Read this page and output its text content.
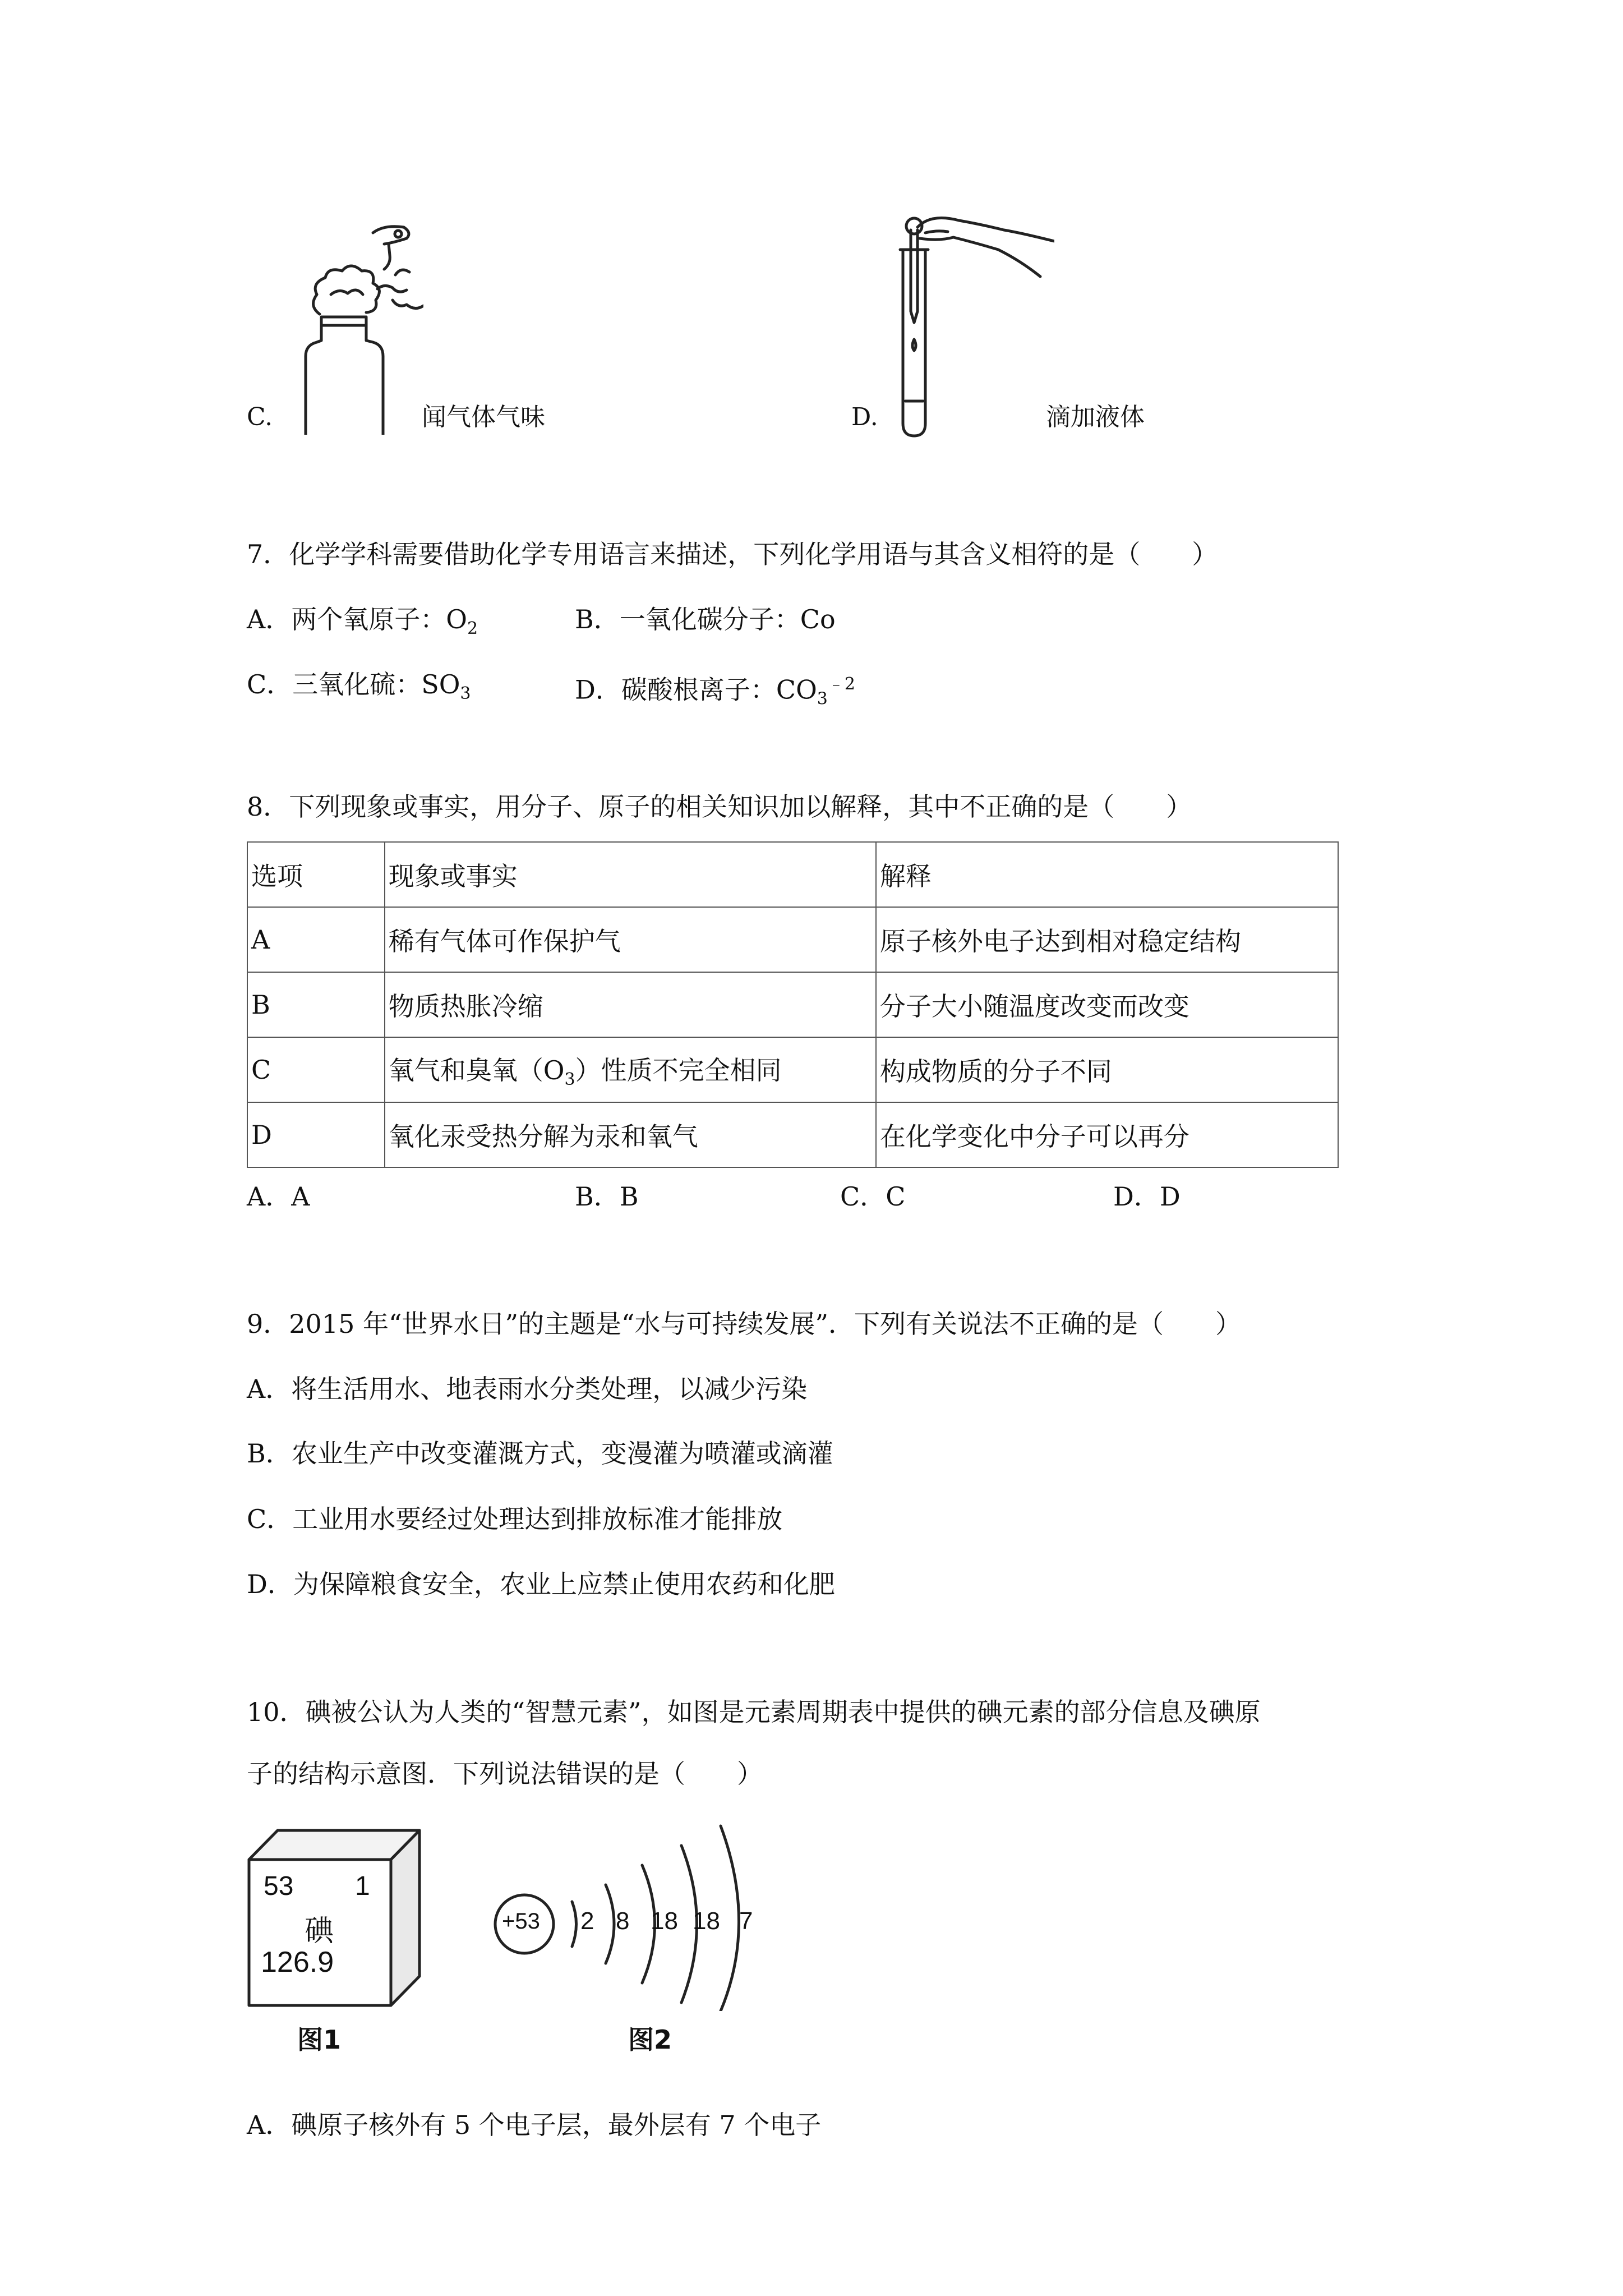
C.	闻气体气味	D.	滴加液体
7．化学学科需要借助化学专用语言来描述，下列化学用语与其含义相符的是（　　）
A．两个氧原子：$O_2$	B．一氧化碳分子：Co
C．三氧化硫：$SO_3$	D．碳酸根离子：$CO_3^{﹣2}$
8．下列现象或事实，用分子、原子的相关知识加以解释，其中不正确的是（　　）
选项	现象或事实	解释
A	稀有气体可作保护气	原子核外电子达到相对稳定结构
B	物质热胀冷缩	分子大小随温度改变而改变
C	氧气和臭氧$(O_3)$性质不完全相同	构成物质的分子不同
D	氧化汞受热分解为汞和氧气	在化学变化中分子可以再分
A．A	B．B	C．C	D．D
9．2015 年“世界水日”的主题是“水与可持续发展”．下列有关说法不正确的是（　　）
A．将生活用水、地表雨水分类处理，以减少污染
B．农业生产中改变灌溉方式，变漫灌为喷灌或滴灌
C．工业用水要经过处理达到排放标准才能排放
D．为保障粮食安全，农业上应禁止使用农药和化肥
10．碘被公认为人类的“智慧元素”，如图是元素周期表中提供的碘元素的部分信息及碘原
子的结构示意图．下列说法错误的是（　　）
53 1
碘
126.9
图1
+53 2 8 18 18 7
图2
A．碘原子核外有 5 个电子层，最外层有 7 个电子
